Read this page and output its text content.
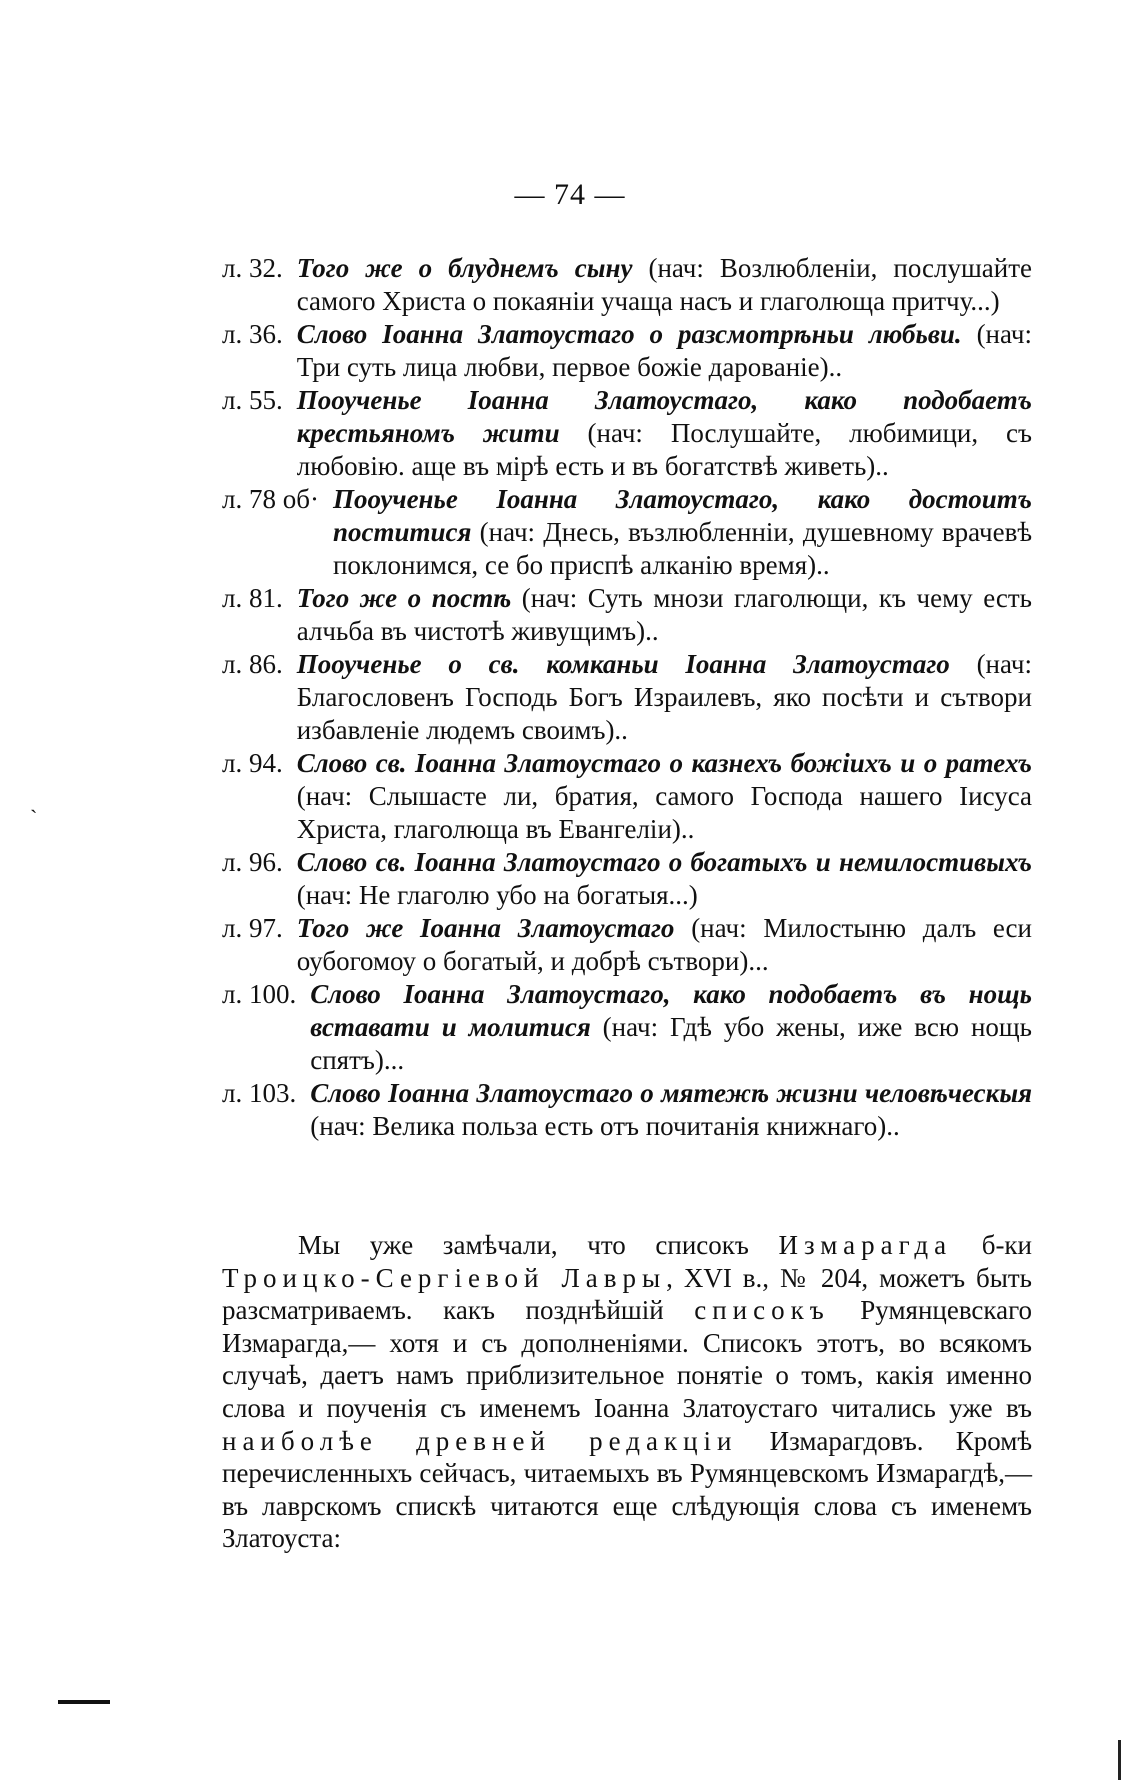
— 74 —
л. 32. Того же о блуднемъ сыну (нач: Возлюбленіи, послушайте самого Христа о покаяніи учаща насъ и глаголюща притчу...)
л. 36. Слово Іоанна Златоустаго о разсмотрѣньи любьви. (нач: Три суть лица любви, первое божіе дарованіе)..
л. 55. Пооученье Іоанна Златоустаго, како подобаетъ крестьяномъ жити (нач: Послушайте, любимици, съ любовію. аще въ мірѣ есть и въ богатствѣ живеть)..
л. 78 об· Пооученье Іоанна Златоустаго, како достоитъ поститися (нач: Днесь, възлюбленніи, душевному врачевѣ поклонимся, се бо приспѣ алканію время)..
л. 81. Того же о постѣ (нач: Суть мнози глаголющи, къ чему есть алчьба въ чистотѣ живущимъ)..
л. 86. Пооученье о св. комканьи Іоанна Златоустаго (нач: Благословенъ Господь Богъ Израилевъ, яко посѣти и сътвори избавленіе людемъ своимъ)..
л. 94. Слово св. Іоанна Златоустаго о казнехъ божіихъ и о ратехъ (нач: Слышасте ли, братия, самого Господа нашего Іисуса Христа, глаголюща въ Евангеліи)..
л. 96. Слово св. Іоанна Златоустаго о богатыхъ и немилостивыхъ (нач: Не глаголю убо на богатыя...)
л. 97. Того же Іоанна Златоустаго (нач: Милостыню далъ еси оубогомоу о богатый, и добрѣ сътвори)...
л. 100. Слово Іоанна Златоустаго, како подобаетъ въ нощь вставати и молитися (нач: Гдѣ убо жены, иже всю нощь спятъ)...
л. 103. Слово Іоанна Златоустаго о мятежѣ жизни человѣческыя (нач: Велика польза есть отъ почитанія книжнаго)..

Мы уже замѣчали, что списокъ Измарагда б-ки Троицко-Сергіевой Лавры, XVI в., № 204, можетъ быть разсматриваемъ. какъ позднѣйшій списокъ Румянцевскаго Измарагда,— хотя и съ дополненіями. Списокъ этотъ, во всякомъ случаѣ, даетъ намъ приблизительное понятіе о томъ, какія именно слова и поученія съ именемъ Іоанна Златоустаго читались уже въ наиболѣе древней редакціи Измарагдовъ. Кромѣ перечисленныхъ сейчасъ, читаемыхъ въ Румянцевскомъ Измарагдѣ,—въ лаврскомъ спискѣ читаются еще слѣдующія слова съ именемъ Златоуста:

ˋ
